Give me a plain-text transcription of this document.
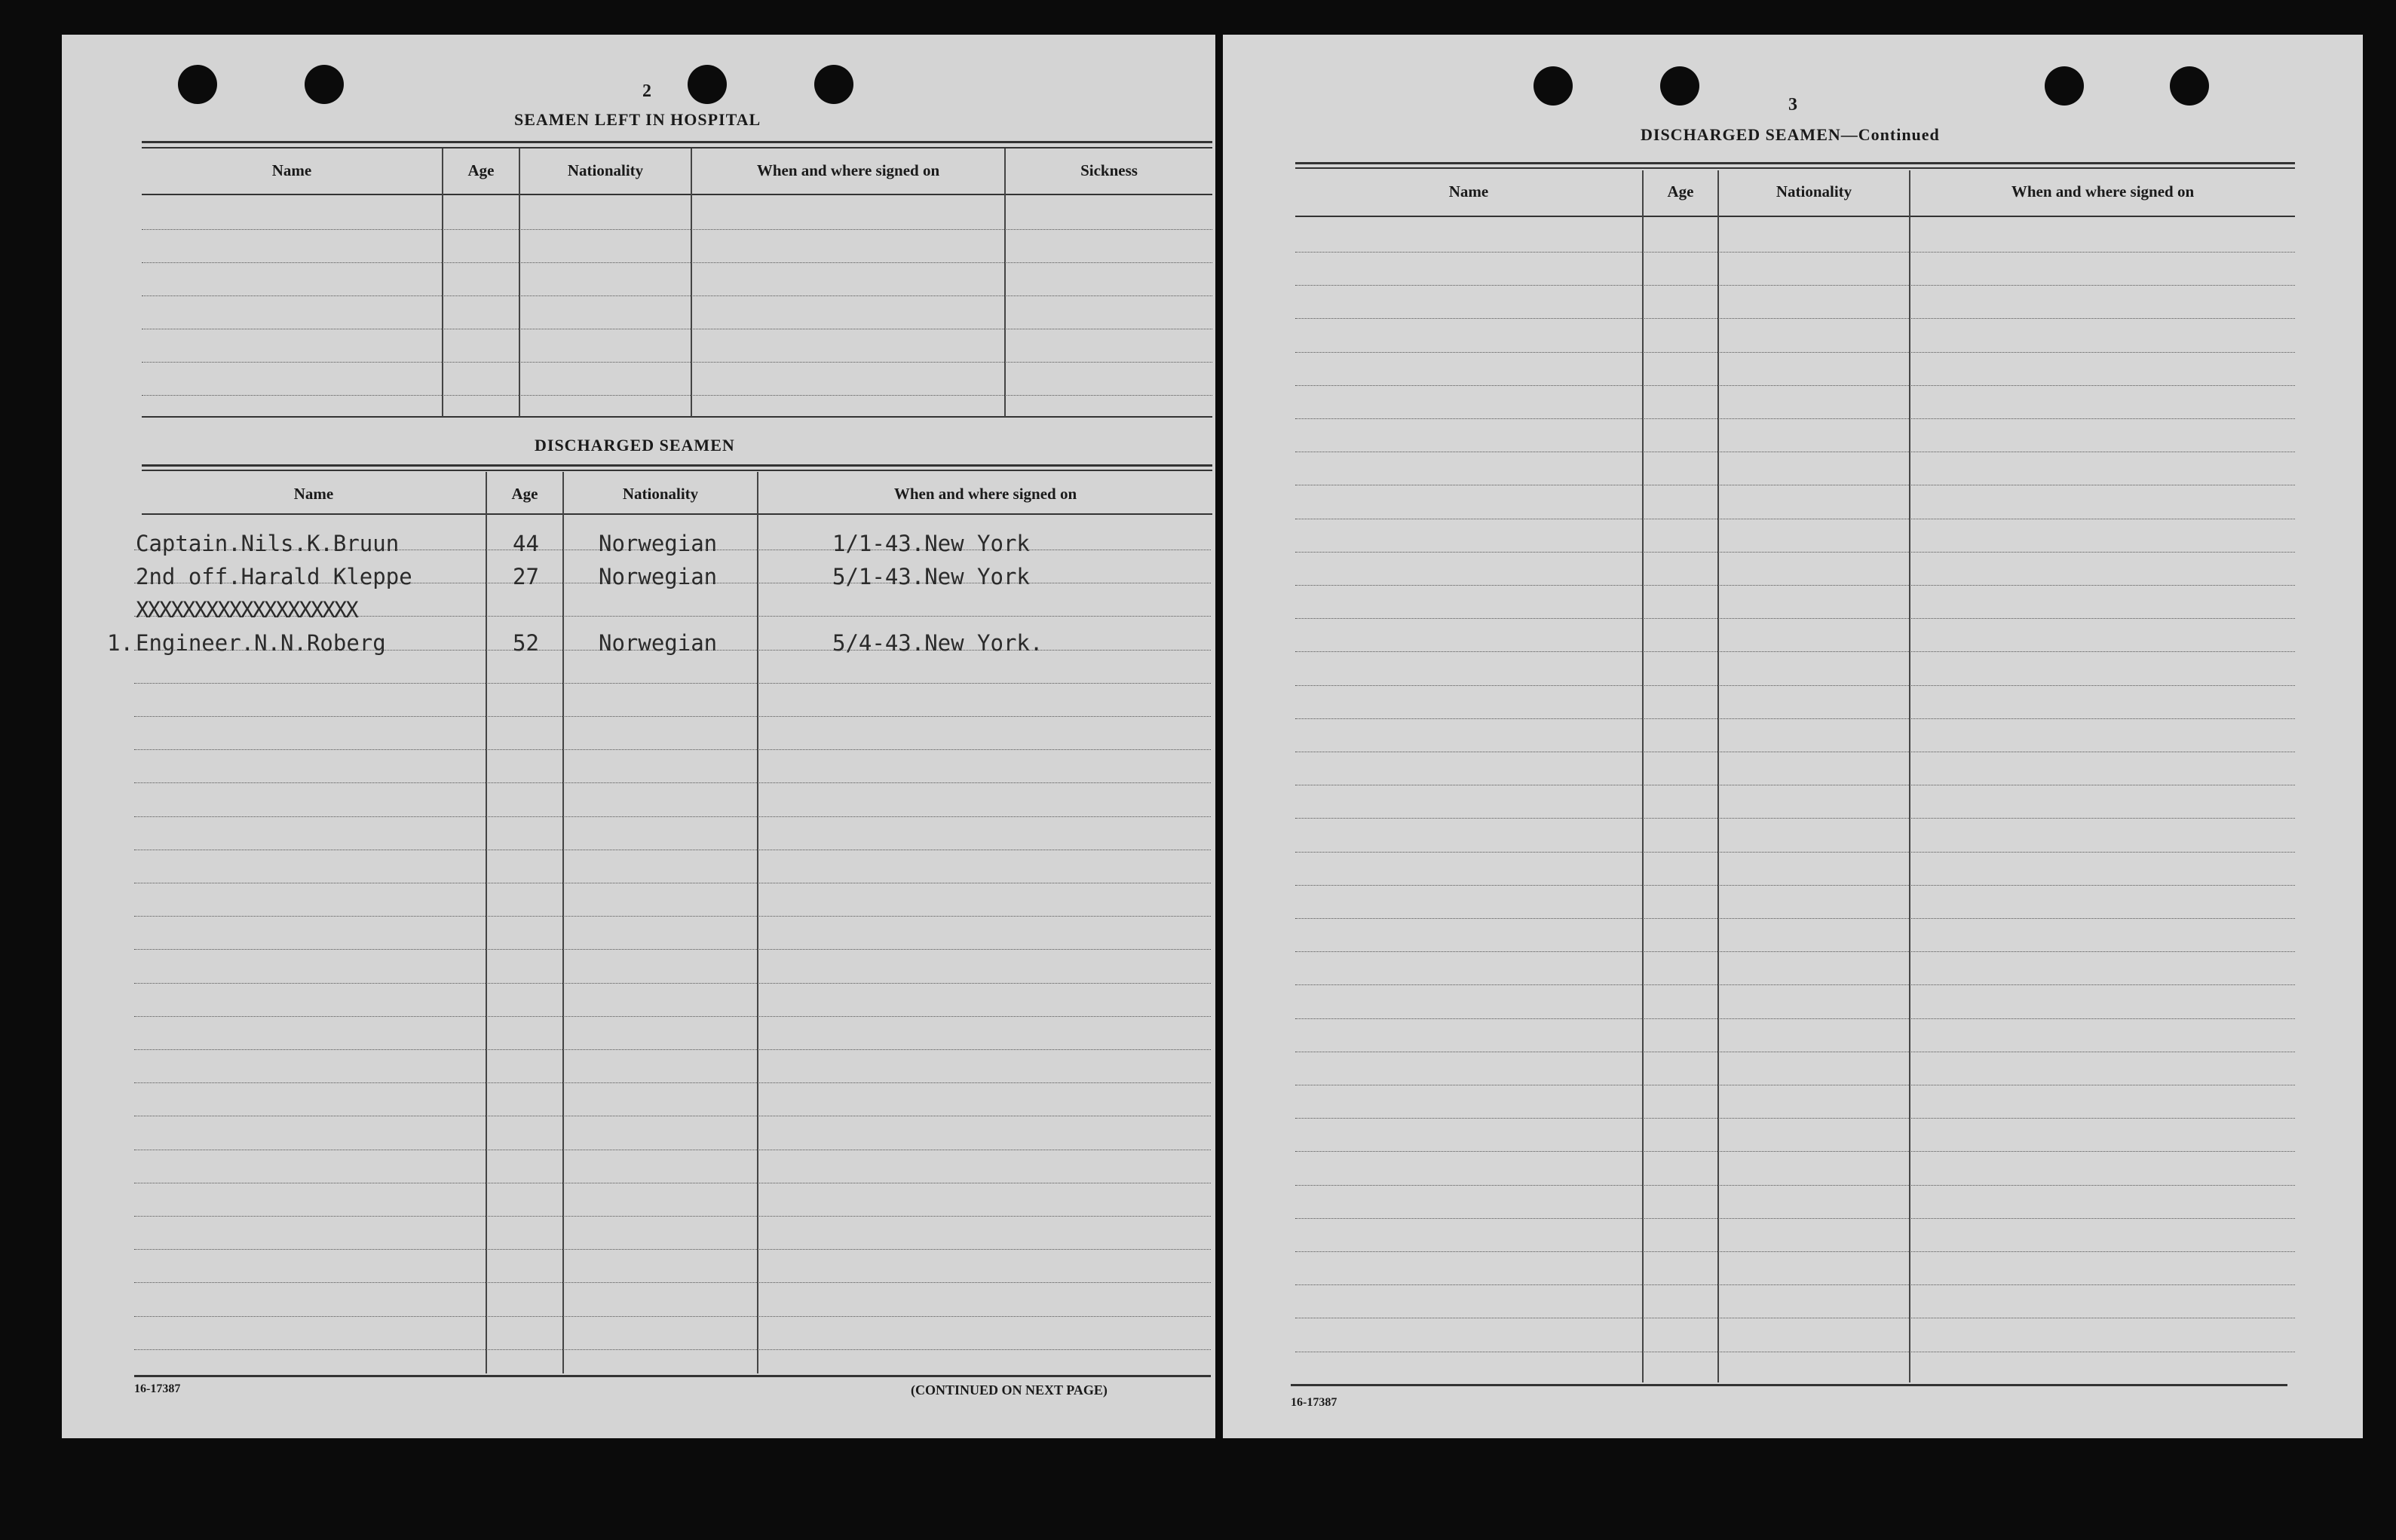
2
SEAMEN LEFT IN HOSPITAL
Name	Age	Nationality	When and where signed on	Sickness
DISCHARGED SEAMEN
Name	Age	Nationality	When and where signed on
Captain.Nils.K.Bruun	44	Norwegian	1/1-43.New York
2nd off.Harald Kleppe	27	Norwegian	5/1-43.New York
XXXXXXXXXXXXXXXXXXX
1. Engineer.N.N.Roberg	52	Norwegian	5/4-43.New York.
16-17387	(CONTINUED ON NEXT PAGE)
3
DISCHARGED SEAMEN—Continued
Name	Age	Nationality	When and where signed on
16-17387
